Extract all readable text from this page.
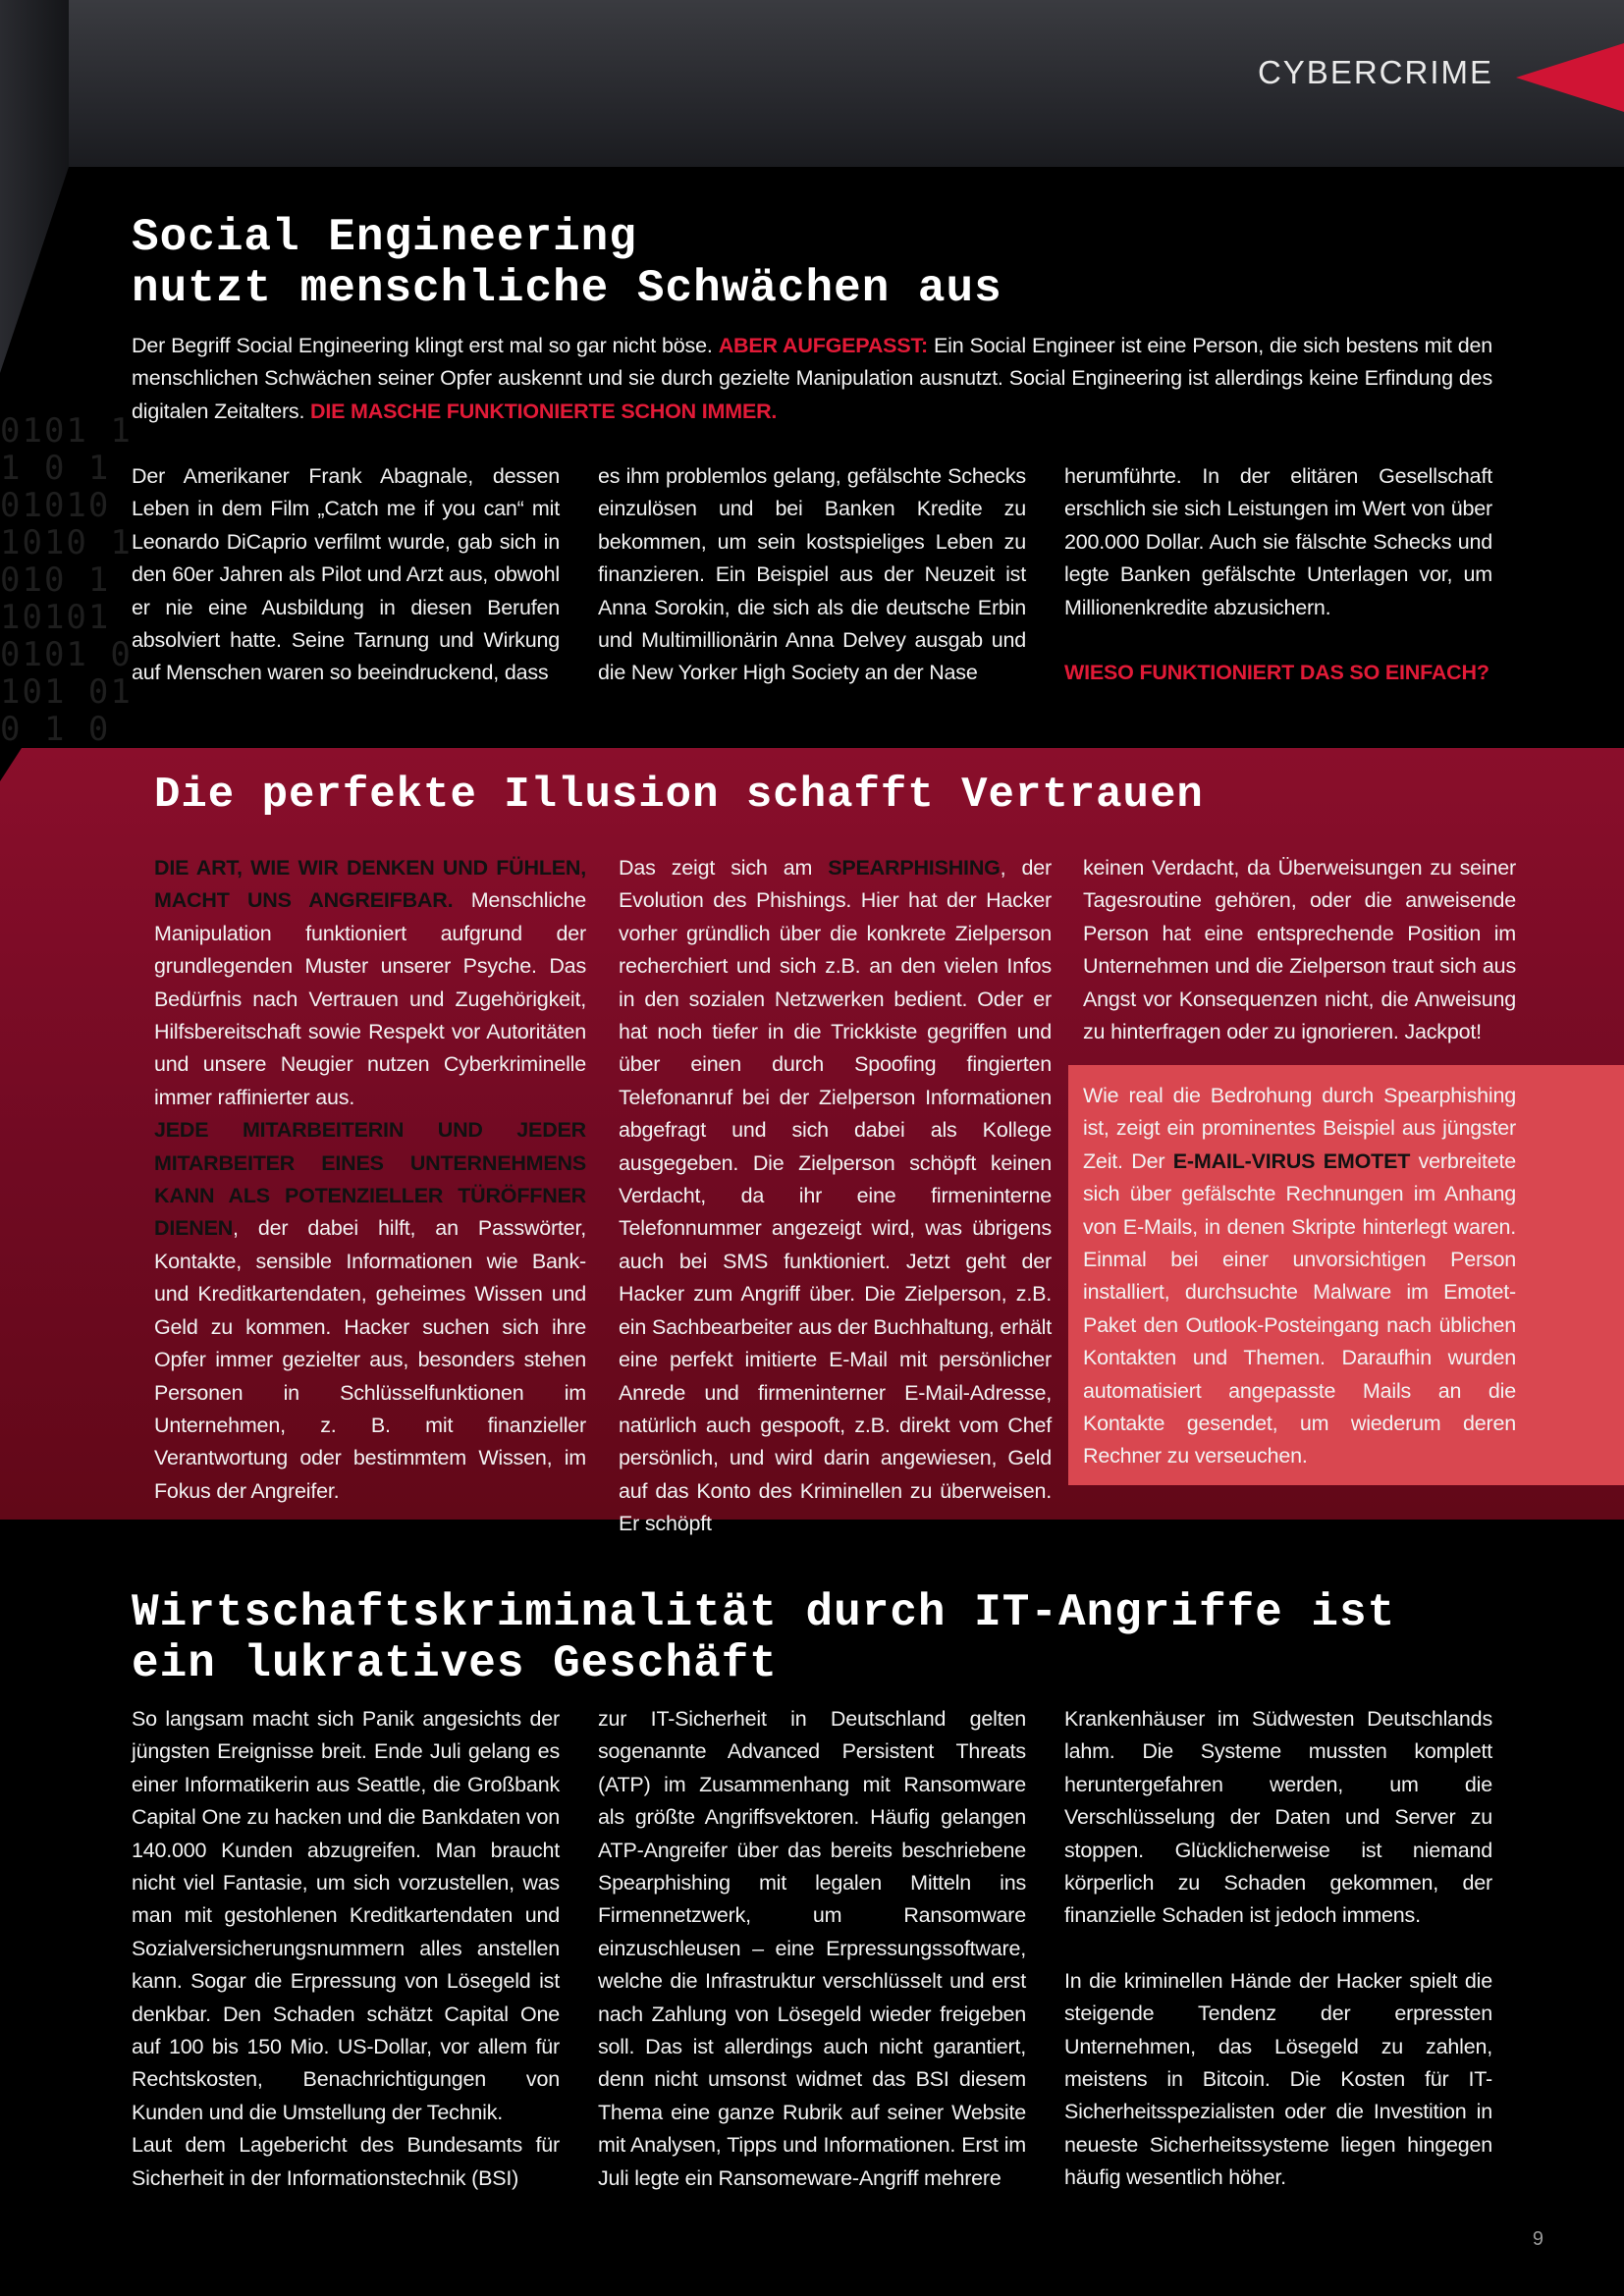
0101 1
1 0 1
01010
1010 1
010 1
10101
0101 0
101 01
0 1 0
CYBERCRIME
Social Engineering
nutzt menschliche Schwächen aus
Der Begriff Social Engineering klingt erst mal so gar nicht böse. ABER AUFGEPASST: Ein Social Engineer ist eine Person, die sich bestens mit den menschlichen Schwächen seiner Opfer auskennt und sie durch gezielte Manipulation ausnutzt. Social Engineering ist allerdings keine Erfindung des digitalen Zeitalters. DIE MASCHE FUNKTIONIERTE SCHON IMMER.
Der Amerikaner Frank Abagnale, dessen Leben in dem Film „Catch me if you can“ mit Leonardo DiCaprio verfilmt wurde, gab sich in den 60er Jahren als Pilot und Arzt aus, obwohl er nie eine Ausbildung in diesen Berufen absolviert hatte. Seine Tarnung und Wirkung auf Menschen waren so beeindruckend, dass
es ihm problemlos gelang, gefälschte Schecks einzulösen und bei Banken Kredite zu bekommen, um sein kostspieliges Leben zu finanzieren. Ein Beispiel aus der Neuzeit ist Anna Sorokin, die sich als die deutsche Erbin und Multimillionärin Anna Delvey ausgab und die New Yorker High Society an der Nase

herumführte. In der elitären Gesellschaft erschlich sie sich Leistungen im Wert von über 200.000 Dollar. Auch sie fälschte Schecks und legte Banken gefälschte Unterlagen vor, um Millionenkredite abzusichern.

WIESO FUNKTIONIERT DAS SO EINFACH?

Die perfekte Illusion schafft Vertrauen
DIE ART, WIE WIR DENKEN UND FÜHLEN, MACHT UNS ANGREIFBAR. Menschliche Manipulation funktioniert aufgrund der grundlegenden Muster unserer Psyche. Das Bedürfnis nach Vertrauen und Zugehörigkeit, Hilfsbereitschaft sowie Respekt vor Autoritäten und unsere Neugier nutzen Cyberkriminelle immer raffinierter aus.
JEDE MITARBEITERIN UND JEDER MITARBEITER EINES UNTERNEHMENS KANN ALS POTENZIELLER TÜRÖFFNER DIENEN, der dabei hilft, an Passwörter, Kontakte, sensible Informationen wie Bank- und Kreditkartendaten, geheimes Wissen und Geld zu kommen. Hacker suchen sich ihre Opfer immer gezielter aus, besonders stehen Personen in Schlüsselfunktionen im Unternehmen, z. B. mit finanzieller Verantwortung oder bestimmtem Wissen, im Fokus der Angreifer.
Das zeigt sich am SPEARPHISHING, der Evolution des Phishings. Hier hat der Hacker vorher gründlich über die konkrete Zielperson recherchiert und sich z.B. an den vielen Infos in den sozialen Netzwerken bedient. Oder er hat noch tiefer in die Trickkiste gegriffen und über einen durch Spoofing fingierten Telefonanruf bei der Zielperson Informationen abgefragt und sich dabei als Kollege ausgegeben. Die Zielperson schöpft keinen Verdacht, da ihr eine firmeninterne Telefonnummer angezeigt wird, was übrigens auch bei SMS funktioniert. Jetzt geht der Hacker zum Angriff über. Die Zielperson, z.B. ein Sachbearbeiter aus der Buchhaltung, erhält eine perfekt imitierte E-Mail mit persönlicher Anrede und firmeninterner E-Mail-Adresse, natürlich auch gespooft, z.B. direkt vom Chef persönlich, und wird darin angewiesen, Geld auf das Konto des Kriminellen zu überweisen. Er schöpft
keinen Verdacht, da Überweisungen zu seiner Tagesroutine gehören, oder die anweisende Person hat eine entsprechende Position im Unternehmen und die Zielperson traut sich aus Angst vor Konsequenzen nicht, die Anweisung zu hinterfragen oder zu ignorieren. Jackpot!
Wie real die Bedrohung durch Spearphishing ist, zeigt ein prominentes Beispiel aus jüngster Zeit. Der E-MAIL-VIRUS EMOTET verbreitete sich über gefälschte Rechnungen im Anhang von E-Mails, in denen Skripte hinterlegt waren. Einmal bei einer unvorsichtigen Person installiert, durchsuchte Malware im Emotet-Paket den Outlook-Posteingang nach üblichen Kontakten und Themen. Daraufhin wurden automatisiert angepasste Mails an die Kontakte gesendet, um wiederum deren Rechner zu verseuchen.
Wirtschaftskriminalität durch IT-Angriffe ist
ein lukratives Geschäft

So langsam macht sich Panik angesichts der jüngsten Ereignisse breit. Ende Juli gelang es einer Informatikerin aus Seattle, die Großbank Capital One zu hacken und die Bankdaten von 140.000 Kunden abzugreifen. Man braucht nicht viel Fantasie, um sich vorzustellen, was man mit gestohlenen Kreditkartendaten und Sozialversicherungsnummern alles anstellen kann. Sogar die Erpressung von Lösegeld ist denkbar. Den Schaden schätzt Capital One auf 100 bis 150 Mio. US-Dollar, vor allem für Rechtskosten, Benachrichtigungen von Kunden und die Umstellung der Technik.

Laut dem Lagebericht des Bundesamts für Sicherheit in der Informationstechnik (BSI)

zur IT-Sicherheit in Deutschland gelten sogenannte Advanced Persistent Threats (ATP) im Zusammenhang mit Ransomware als größte Angriffsvektoren. Häufig gelangen ATP-Angreifer über das bereits beschriebene Spearphishing mit legalen Mitteln ins Firmennetzwerk, um Ransomware einzuschleusen – eine Erpressungssoftware, welche die Infrastruktur verschlüsselt und erst nach Zahlung von Lösegeld wieder freigeben soll. Das ist allerdings auch nicht garantiert, denn nicht umsonst widmet das BSI diesem Thema eine ganze Rubrik auf seiner Website mit Analysen, Tipps und Informationen. Erst im Juli legte ein Ransomeware-Angriff mehrere

Krankenhäuser im Südwesten Deutschlands lahm. Die Systeme mussten komplett heruntergefahren werden, um die Verschlüsselung der Daten und Server zu stoppen. Glücklicherweise ist niemand körperlich zu Schaden gekommen, der finanzielle Schaden ist jedoch immens.

In die kriminellen Hände der Hacker spielt die steigende Tendenz der erpressten Unternehmen, das Lösegeld zu zahlen, meistens in Bitcoin. Die Kosten für IT-Sicherheitsspezialisten oder die Investition in neueste Sicherheitssysteme liegen hingegen häufig wesentlich höher.

9
